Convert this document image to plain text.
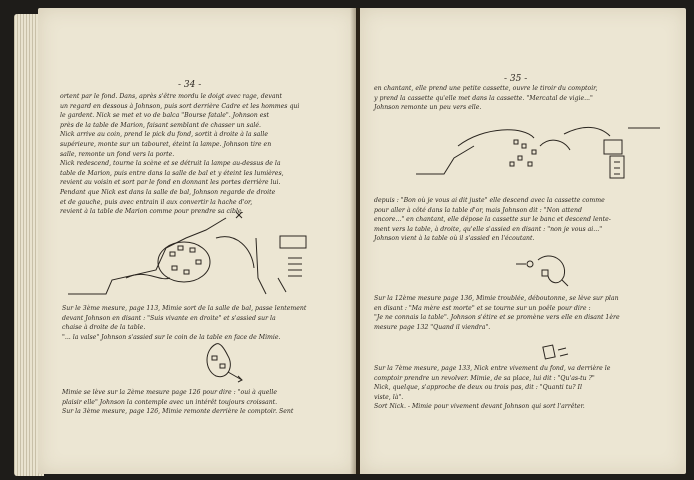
- 34 -
ortent par le fond. Dans, après s'être mordu le doigt avec rage, devant
un regard en dessous à Johnson, puis sort derrière Cadre et les hommes qui
le gardent. Nick se met et vo de balca "Bourse fatale". Johnson est
près de la table de Marion, faisant semblant de chasser un salé.
Nick arrive au coin, prend le pick du fond, sortit à droite à la salle
supérieure, monte sur un tabouret, éteint la lampe. Johnson tire en
salle, remonte un fond vers la porte.
Nick redescend, tourne la scène et se détruit la lampe au-dessus de la
table de Marion, puis entre dans la salle de bal et y éteint les lumières,
revient au voisin et sort par le fond en donnant les portes derrière lui.
Pendant que Nick est dans la salle de bal, Johnson regarde de droite
et de gauche, puis avec entrain il aux convertir la hache d'or,
revient à la table de Marion comme pour prendre sa cible.
Sur le 3ème mesure, page 113, Mimie sort de la salle de bal, passe lentement
devant Johnson en disant : "Suis vivante en droite" et s'assied sur la
chaise à droite de la table.
"... la valse" Johnson s'assied sur le coin de la table en face de Mimie.
Mimie se lève sur la 2ème mesure page 126 pour dire : "oui à quelle
plaisir elle" Johnson la contemple avec un intérêt toujours croissant.
Sur la 3ème mesure, page 126, Mimie remonte derrière le comptoir. Sent
- 35 -
en chantant, elle prend une petite cassette, ouvre le tiroir du comptoir,
y prend la cassette qu'elle met dans la cassette. "Mercatal de vigie..."
Johnson remonte un peu vers elle.
depuis : "Bon où je vous ai dit juste" elle descend avec la cassette comme
pour aller à côté dans la table d'or, mais Johnson dit : "Non attend
encore..." en chantant, elle dépose la cassette sur le banc et descend lente-
ment vers la table, à droite, qu'elle s'assied en disant : "non je vous ai..."
Johnson vient à la table où il s'assied en l'écoutant.
Sur la 12ème mesure page 136, Mimie troublée, déboutonne, se lève sur plan
en disant : "Ma mère est morte" et se tourne sur un poêle pour dire :
"Je ne connais la table". Johnson s'étire et se promène vers elle en disant 1ère
mesure page 132 "Quand il viendra".
Sur la 7ème mesure, page 133, Nick entre vivement du fond, va derrière le
comptoir prendre un revolver. Mimie, de sa place, lui dit : "Qu'as-tu ?"
Nick, quelque, s'approche de deux ou trois pas, dit : "Quanti tu? Il
viste, là".
Sort Nick. - Mimie pour vivement devant Johnson qui sort l'arrêter.
